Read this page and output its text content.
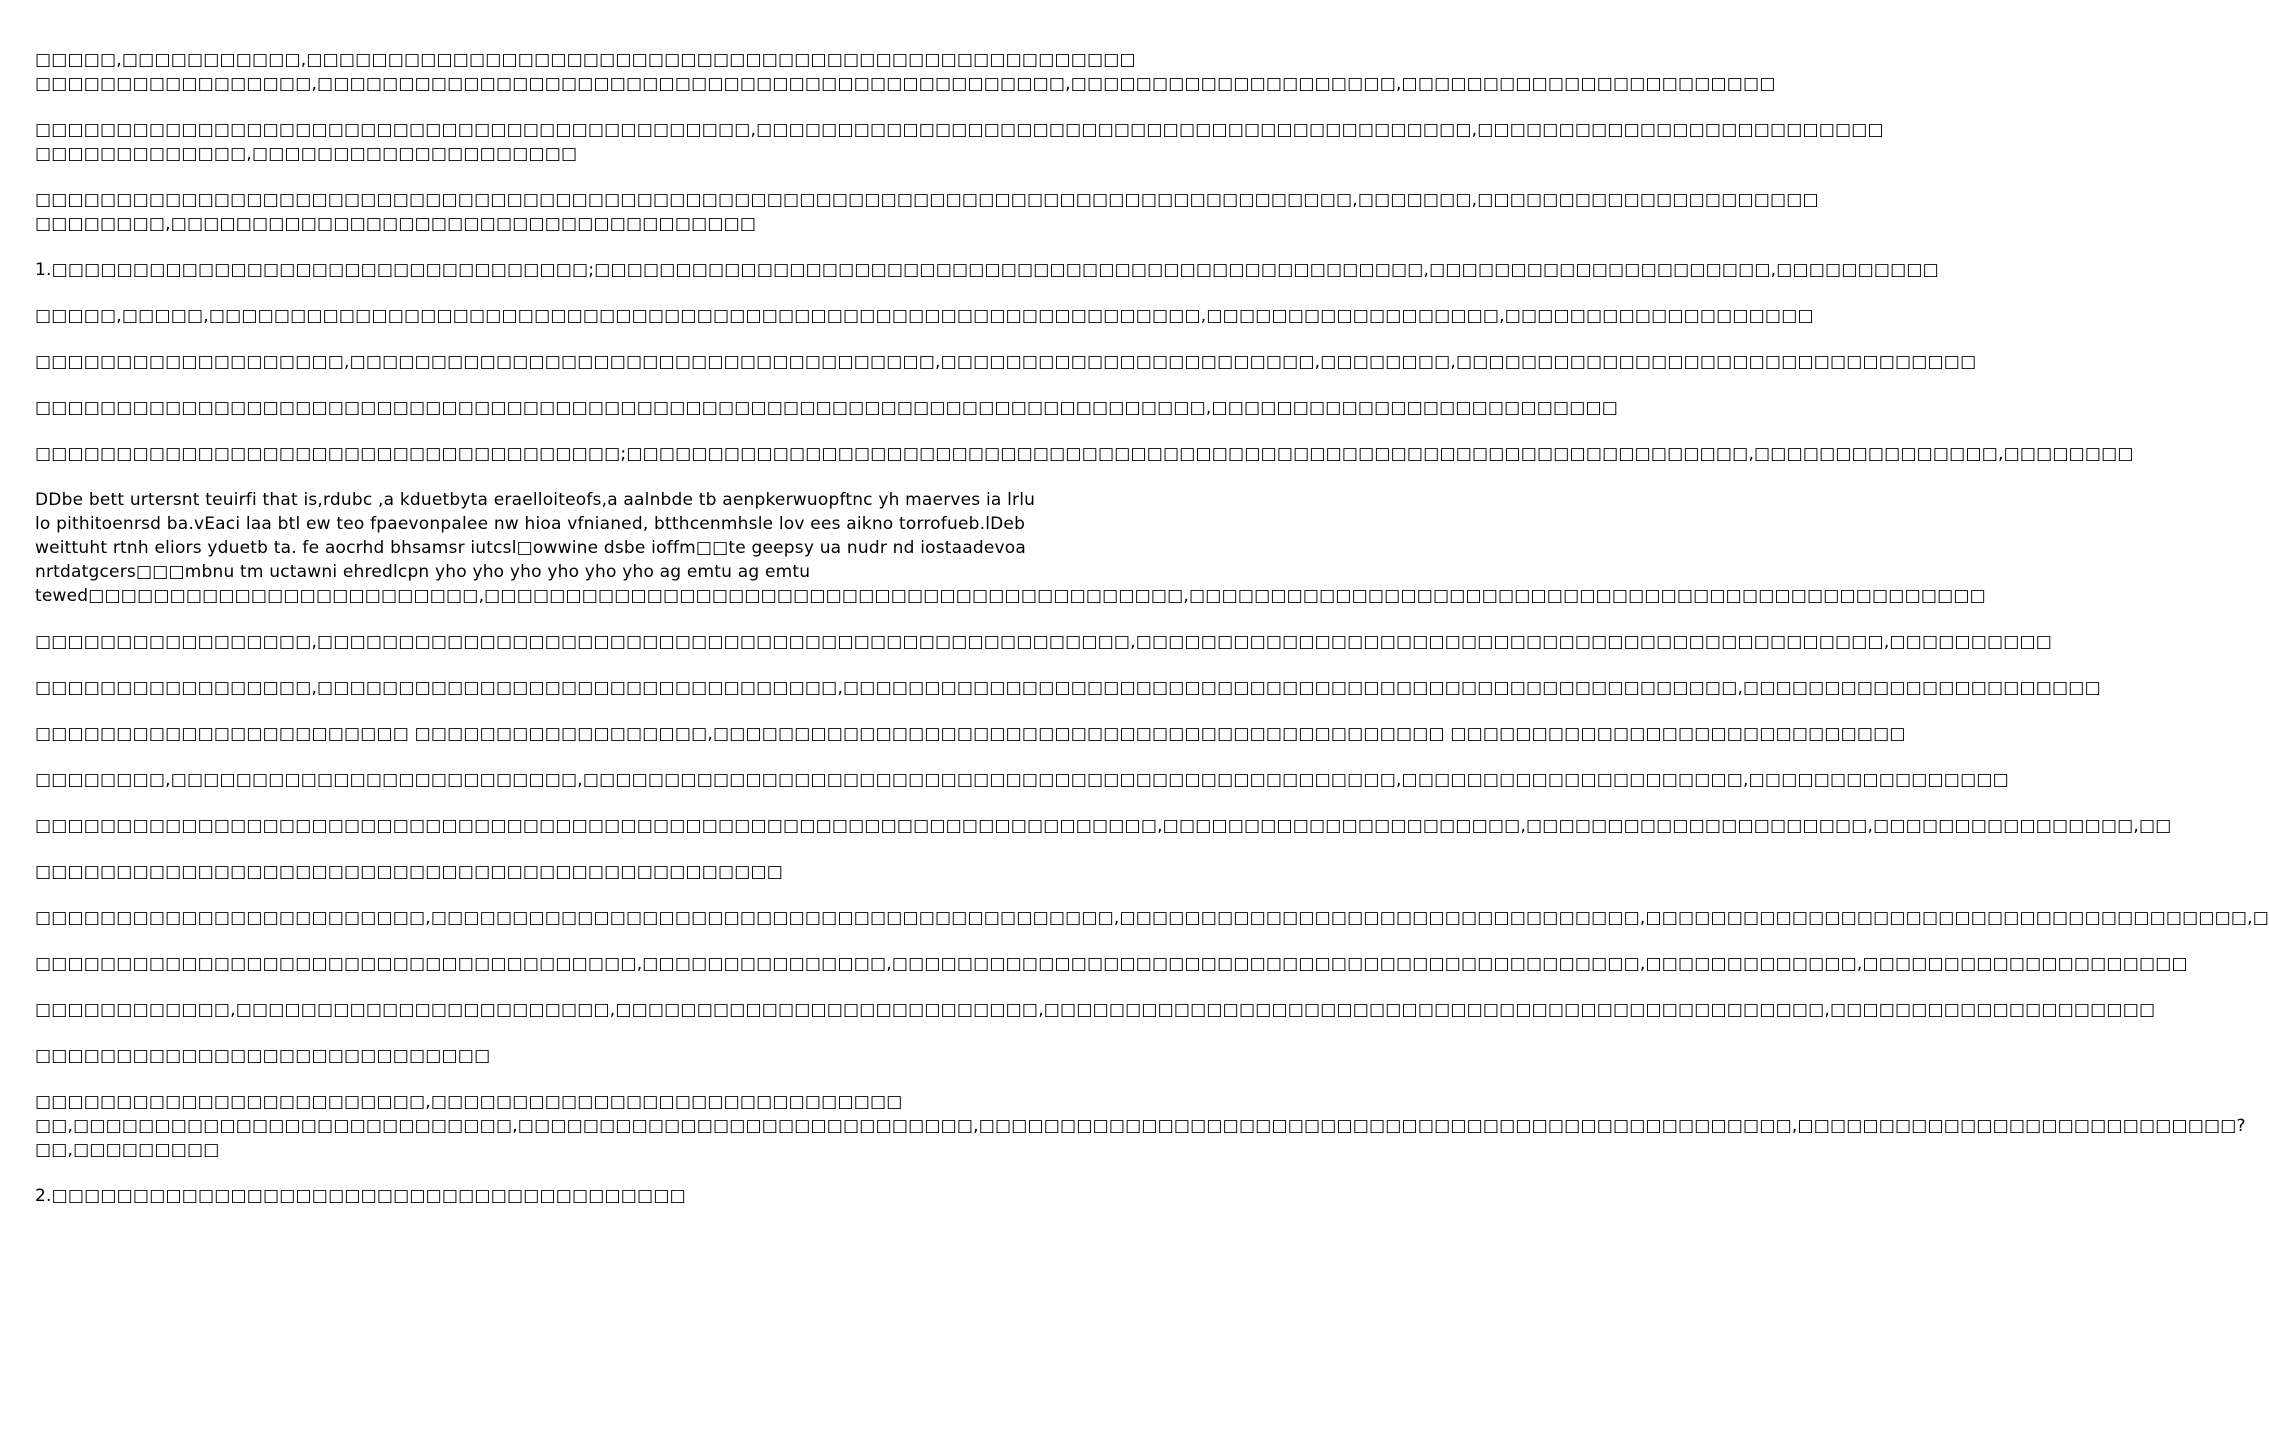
□□□□□,□□□□□□□□□□□,□□□□□□□□□□□□□□□□□□□□□□□□□□□□□□□□□□□□□□□□□□□□□□□□□□□
□□□□□□□□□□□□□□□□□,□□□□□□□□□□□□□□□□□□□□□□□□□□□□□□□□□□□□□□□□□□□□□□,□□□□□□□□□□□□□□□□□□□□,□□□□□□□□□□□□□□□□□□□□□□□

□□□□□□□□□□□□□□□□□□□□□□□□□□□□□□□□□□□□□□□□□□□□,□□□□□□□□□□□□□□□□□□□□□□□□□□□□□□□□□□□□□□□□□□□□,□□□□□□□□□□□□□□□□□□□□□□□□□
□□□□□□□□□□□□□,□□□□□□□□□□□□□□□□□□□□

□□□□□□□□□□□□□□□□□□□□□□□□□□□□□□□□□□□□□□□□□□□□□□□□□□□□□□□□□□□□□□□□□□□□□□□□□□□□□□□□□,□□□□□□□,□□□□□□□□□□□□□□□□□□□□□
□□□□□□□□,□□□□□□□□□□□□□□□□□□□□□□□□□□□□□□□□□□□□

1.□□□□□□□□□□□□□□□□□□□□□□□□□□□□□□□□□;□□□□□□□□□□□□□□□□□□□□□□□□□□□□□□□□□□□□□□□□□□□□□□□□□□□,□□□□□□□□□□□□□□□□□□□□□,□□□□□□□□□□

□□□□□,□□□□□,□□□□□□□□□□□□□□□□□□□□□□□□□□□□□□□□□□□□□□□□□□□□□□□□□□□□□□□□□□□□□,□□□□□□□□□□□□□□□□□□,□□□□□□□□□□□□□□□□□□□

□□□□□□□□□□□□□□□□□□□,□□□□□□□□□□□□□□□□□□□□□□□□□□□□□□□□□□□□,□□□□□□□□□□□□□□□□□□□□□□□,□□□□□□□□,□□□□□□□□□□□□□□□□□□□□□□□□□□□□□□□□

□□□□□□□□□□□□□□□□□□□□□□□□□□□□□□□□□□□□□□□□□□□□□□□□□□□□□□□□□□□□□□□□□□□□□□□□,□□□□□□□□□□□□□□□□□□□□□□□□□

□□□□□□□□□□□□□□□□□□□□□□□□□□□□□□□□□□□□;□□□□□□□□□□□□□□□□□□□□□□□□□□□□□□□□□□□□□□□□□□□□□□□□□□□□□□□□□□□□□□□□□□□□□,□□□□□□□□□□□□□□□,□□□□□□□□

DDbe bett urtersnt teuirfi that is,rdubc ,a kduetbyta eraelloiteofs,a aalnbde tb aenpkerwuopftnc yh maerves ia lrlu
lo pithitoenrsd ba.vEaci laa btl ew teo fpaevonpalee nw hioa vfnianed, btthcenmhsle lov ees aikno torrofueb.lDeb
weittuht rtnh eliors yduetb ta. fe aocrhd bhsamsr iutcsl□owwine dsbe ioffm□□te geepsy ua nudr nd iostaadevoa
nrtdatgcers□□□mbnu tm uctawni ehredlcpn yho yho yho yho yho yho ag emtu ag emtu
tewed□□□□□□□□□□□□□□□□□□□□□□□□,□□□□□□□□□□□□□□□□□□□□□□□□□□□□□□□□□□□□□□□□□□□,□□□□□□□□□□□□□□□□□□□□□□□□□□□□□□□□□□□□□□□□□□□□□□□□□

□□□□□□□□□□□□□□□□□,□□□□□□□□□□□□□□□□□□□□□□□□□□□□□□□□□□□□□□□□□□□□□□□□□□,□□□□□□□□□□□□□□□□□□□□□□□□□□□□□□□□□□□□□□□□□□□□□□,□□□□□□□□□□

□□□□□□□□□□□□□□□□□,□□□□□□□□□□□□□□□□□□□□□□□□□□□□□□□□,□□□□□□□□□□□□□□□□□□□□□□□□□□□□□□□□□□□□□□□□□□□□□□□□□□□□□□□,□□□□□□□□□□□□□□□□□□□□□□

□□□□□□□□□□□□□□□□□□□□□□□ □□□□□□□□□□□□□□□□□□,□□□□□□□□□□□□□□□□□□□□□□□□□□□□□□□□□□□□□□□□□□□□□ □□□□□□□□□□□□□□□□□□□□□□□□□□□□

□□□□□□□□,□□□□□□□□□□□□□□□□□□□□□□□□□,□□□□□□□□□□□□□□□□□□□□□□□□□□□□□□□□□□□□□□□□□□□□□□□□□□,□□□□□□□□□□□□□□□□□□□□□,□□□□□□□□□□□□□□□□

□□□□□□□□□□□□□□□□□□□□□□□□□□□□□□□□□□□□□□□□□□□□□□□□□□□□□□□□□□□□□□□□□□□□□,□□□□□□□□□□□□□□□□□□□□□□,□□□□□□□□□□□□□□□□□□□□□,□□□□□□□□□□□□□□□□,□□

□□□□□□□□□□□□□□□□□□□□□□□□□□□□□□□□□□□□□□□□□□□□□□

□□□□□□□□□□□□□□□□□□□□□□□□,□□□□□□□□□□□□□□□□□□□□□□□□□□□□□□□□□□□□□□□□□□,□□□□□□□□□□□□□□□□□□□□□□□□□□□□□□□□,□□□□□□□□□□□□□□□□□□□□□□□□□□□□□□□□□□□□□,□

□□□□□□□□□□□□□□□□□□□□□□□□□□□□□□□□□□□□□,□□□□□□□□□□□□□□□,□□□□□□□□□□□□□□□□□□□□□□□□□□□□□□□□□□□□□□□□□□□□□□,□□□□□□□□□□□□□,□□□□□□□□□□□□□□□□□□□□

□□□□□□□□□□□□,□□□□□□□□□□□□□□□□□□□□□□□,□□□□□□□□□□□□□□□□□□□□□□□□□□,□□□□□□□□□□□□□□□□□□□□□□□□□□□□□□□□□□□□□□□□□□□□□□□□,□□□□□□□□□□□□□□□□□□□□

□□□□□□□□□□□□□□□□□□□□□□□□□□□□

□□□□□□□□□□□□□□□□□□□□□□□□,□□□□□□□□□□□□□□□□□□□□□□□□□□□□□
□□,□□□□□□□□□□□□□□□□□□□□□□□□□□□,□□□□□□□□□□□□□□□□□□□□□□□□□□□□,□□□□□□□□□□□□□□□□□□□□□□□□□□□□□□□□□□□□□□□□□□□□□□□□□□,□□□□□□□□□□□□□□□□□□□□□□□□□□□?
□□,□□□□□□□□□

2.□□□□□□□□□□□□□□□□□□□□□□□□□□□□□□□□□□□□□□□
